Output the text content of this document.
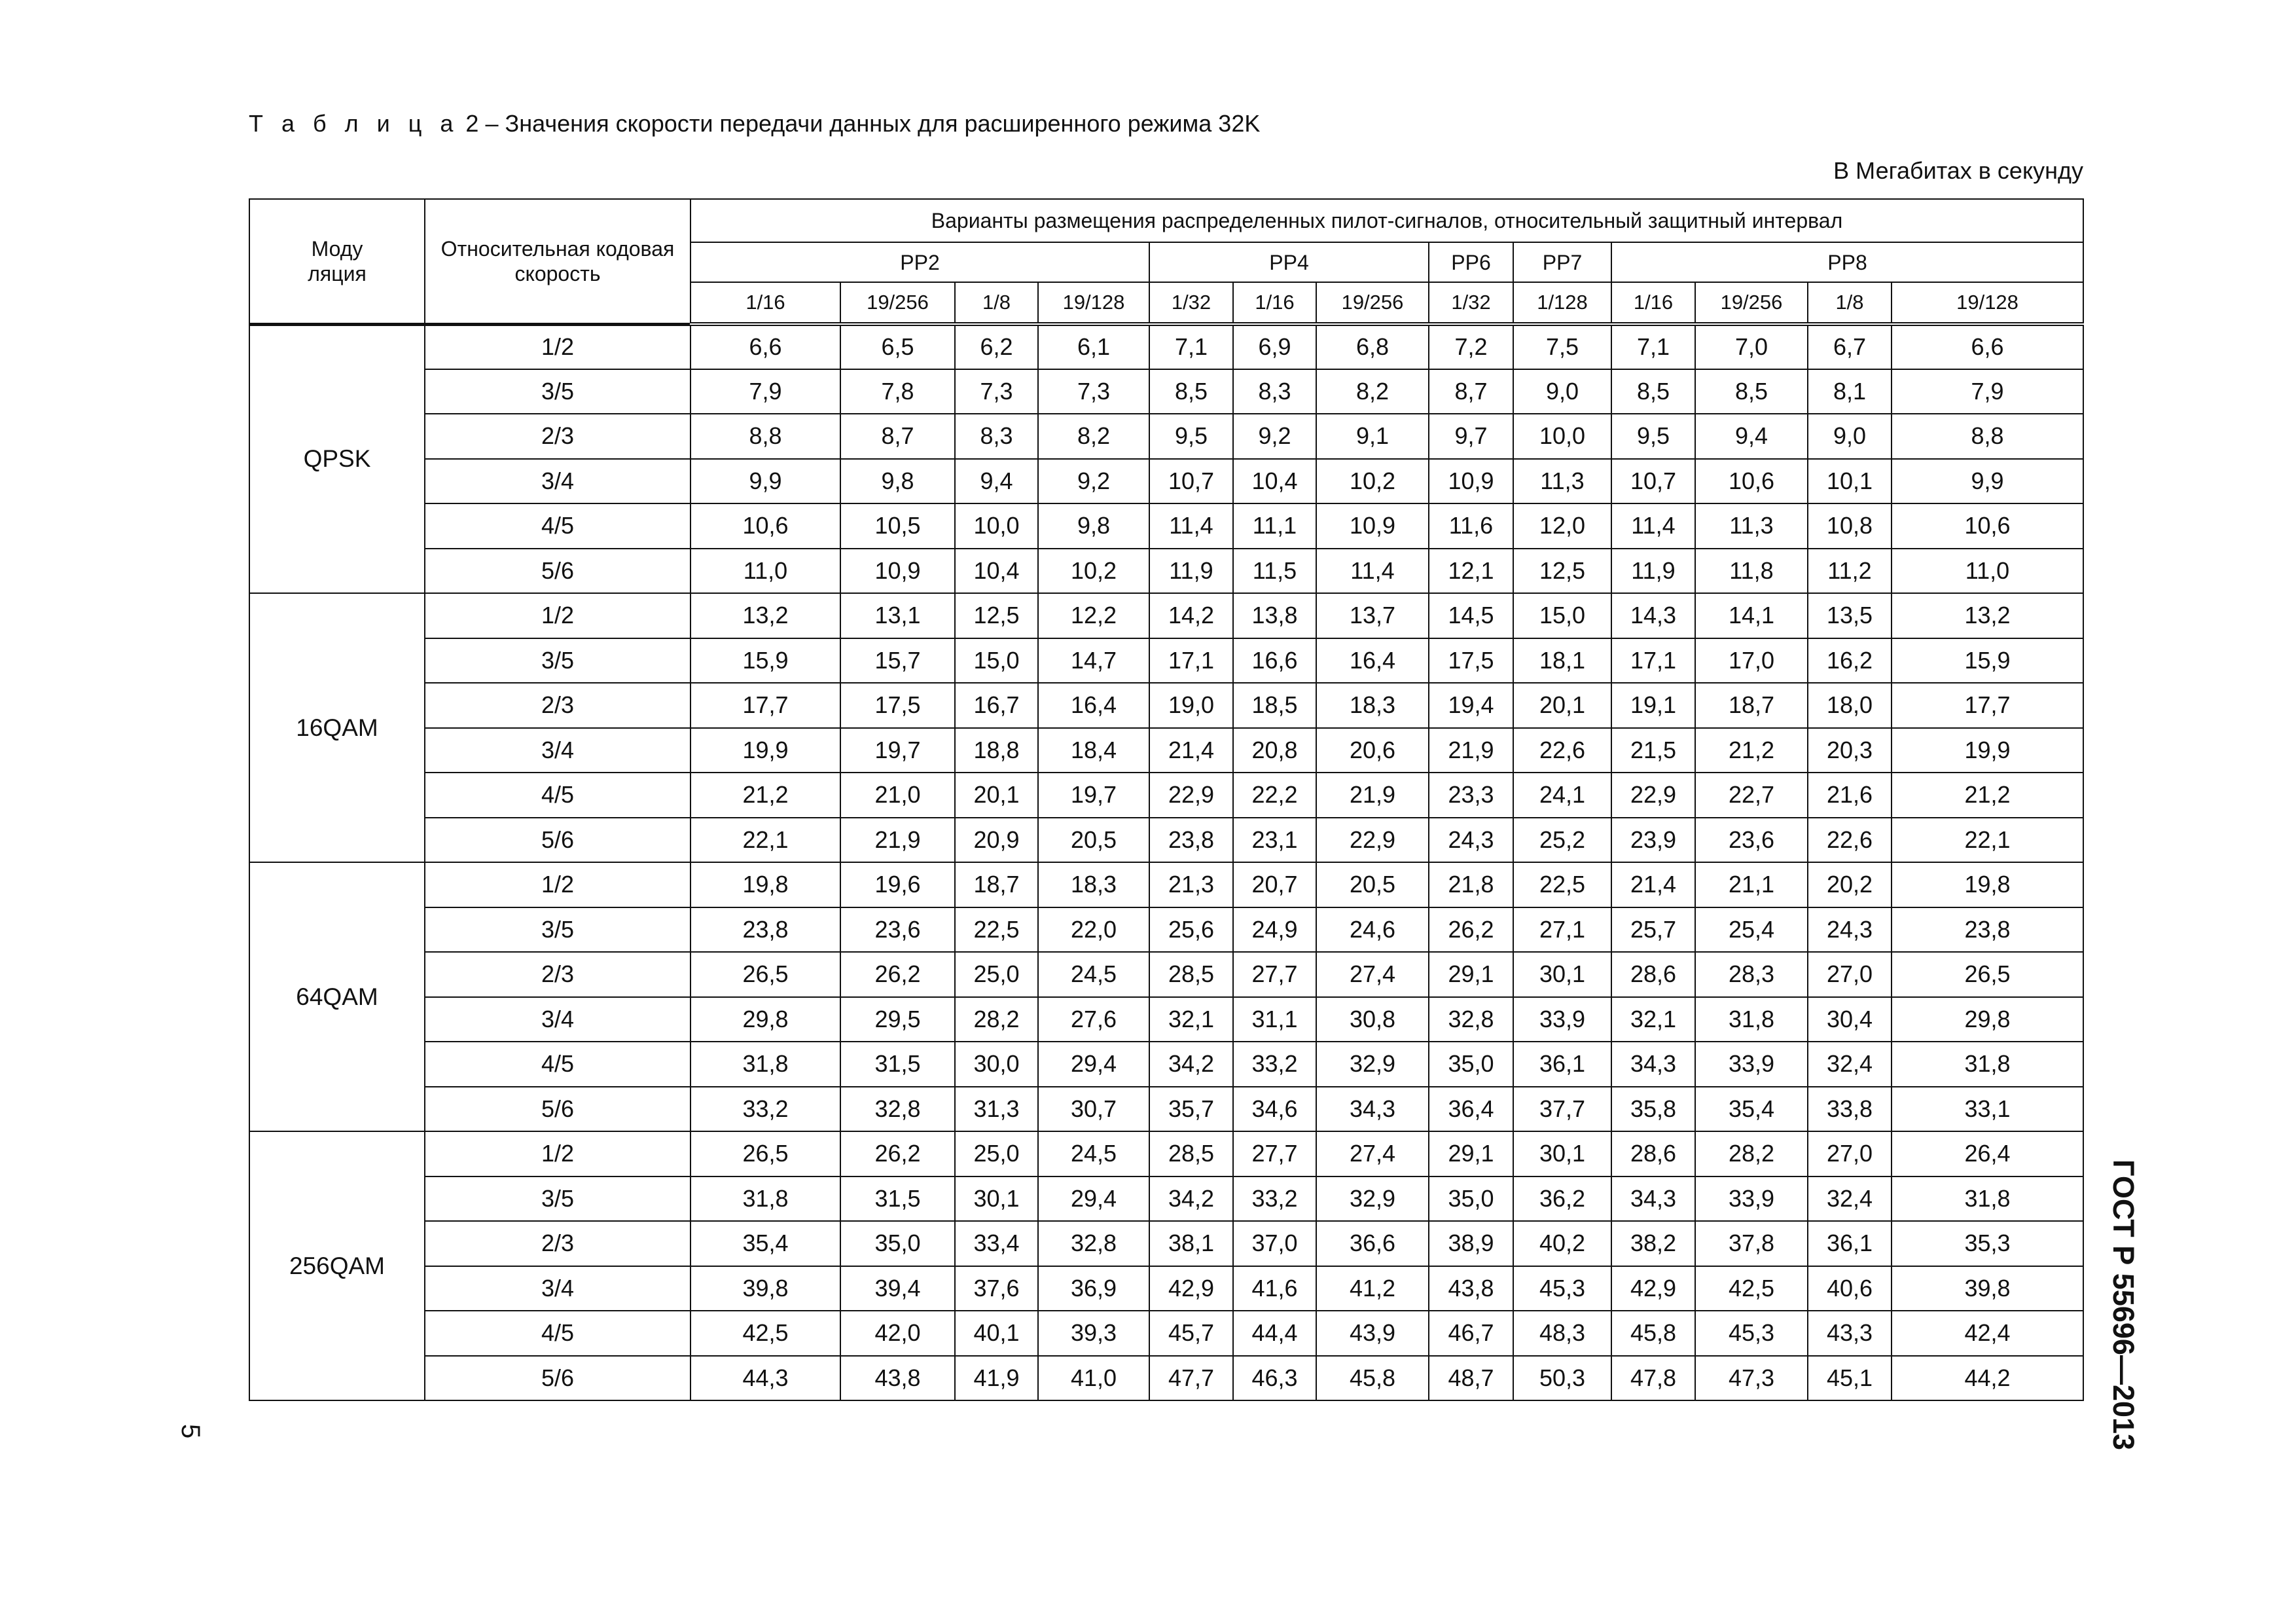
Т а б л и ц а 2 – Значения скорости передачи данных для расширенного режима 32K
В Мегабитах в секунду
Моду ляция	Относительная кодовая скорость	Варианты размещения распределенных пилот-сигналов, относительный защитный интервал												
		PP2				PP4			PP6	PP7	PP8			
		1/16	19/256	1/8	19/128	1/32	1/16	19/256	1/32	1/128	1/16	19/256	1/8	19/128
QPSK	1/2	6,6	6,5	6,2	6,1	7,1	6,9	6,8	7,2	7,5	7,1	7,0	6,7	6,6
	3/5	7,9	7,8	7,3	7,3	8,5	8,3	8,2	8,7	9,0	8,5	8,5	8,1	7,9
	2/3	8,8	8,7	8,3	8,2	9,5	9,2	9,1	9,7	10,0	9,5	9,4	9,0	8,8
	3/4	9,9	9,8	9,4	9,2	10,7	10,4	10,2	10,9	11,3	10,7	10,6	10,1	9,9
	4/5	10,6	10,5	10,0	9,8	11,4	11,1	10,9	11,6	12,0	11,4	11,3	10,8	10,6
	5/6	11,0	10,9	10,4	10,2	11,9	11,5	11,4	12,1	12,5	11,9	11,8	11,2	11,0
16QAM	1/2	13,2	13,1	12,5	12,2	14,2	13,8	13,7	14,5	15,0	14,3	14,1	13,5	13,2
	3/5	15,9	15,7	15,0	14,7	17,1	16,6	16,4	17,5	18,1	17,1	17,0	16,2	15,9
	2/3	17,7	17,5	16,7	16,4	19,0	18,5	18,3	19,4	20,1	19,1	18,7	18,0	17,7
	3/4	19,9	19,7	18,8	18,4	21,4	20,8	20,6	21,9	22,6	21,5	21,2	20,3	19,9
	4/5	21,2	21,0	20,1	19,7	22,9	22,2	21,9	23,3	24,1	22,9	22,7	21,6	21,2
	5/6	22,1	21,9	20,9	20,5	23,8	23,1	22,9	24,3	25,2	23,9	23,6	22,6	22,1
64QAM	1/2	19,8	19,6	18,7	18,3	21,3	20,7	20,5	21,8	22,5	21,4	21,1	20,2	19,8
	3/5	23,8	23,6	22,5	22,0	25,6	24,9	24,6	26,2	27,1	25,7	25,4	24,3	23,8
	2/3	26,5	26,2	25,0	24,5	28,5	27,7	27,4	29,1	30,1	28,6	28,3	27,0	26,5
	3/4	29,8	29,5	28,2	27,6	32,1	31,1	30,8	32,8	33,9	32,1	31,8	30,4	29,8
	4/5	31,8	31,5	30,0	29,4	34,2	33,2	32,9	35,0	36,1	34,3	33,9	32,4	31,8
	5/6	33,2	32,8	31,3	30,7	35,7	34,6	34,3	36,4	37,7	35,8	35,4	33,8	33,1
256QAM	1/2	26,5	26,2	25,0	24,5	28,5	27,7	27,4	29,1	30,1	28,6	28,2	27,0	26,4
	3/5	31,8	31,5	30,1	29,4	34,2	33,2	32,9	35,0	36,2	34,3	33,9	32,4	31,8
	2/3	35,4	35,0	33,4	32,8	38,1	37,0	36,6	38,9	40,2	38,2	37,8	36,1	35,3
	3/4	39,8	39,4	37,6	36,9	42,9	41,6	41,2	43,8	45,3	42,9	42,5	40,6	39,8
	4/5	42,5	42,0	40,1	39,3	45,7	44,4	43,9	46,7	48,3	45,8	45,3	43,3	42,4
	5/6	44,3	43,8	41,9	41,0	47,7	46,3	45,8	48,7	50,3	47,8	47,3	45,1	44,2	ГОСТ Р 55696—2013
5
